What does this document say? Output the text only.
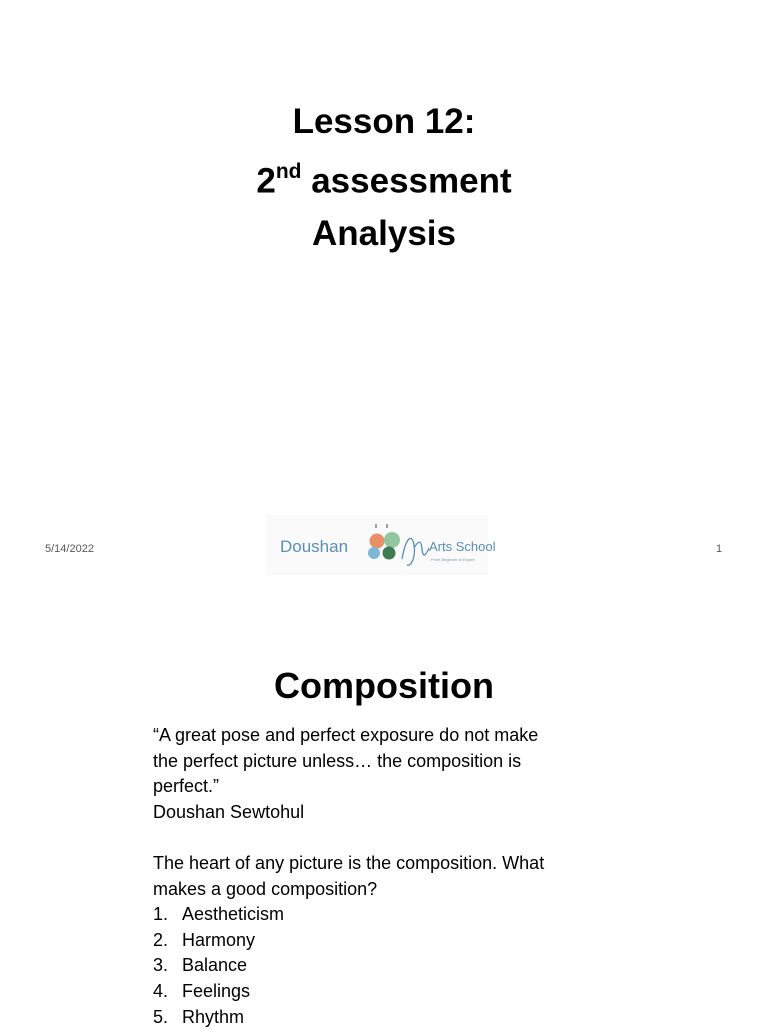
Lesson 12:
2nd assessment
Analysis
5/14/2022	Doushan	Arts School
From Beginner to Expert
1
Composition

“A great pose and perfect exposure do not make

the perfect picture unless… the composition is

perfect.”

Doushan Sewtohul

The heart of any picture is the composition. What

makes a good composition?

1. Aestheticism
2. Harmony
3. Balance
4. Feelings
5. Rhythm
